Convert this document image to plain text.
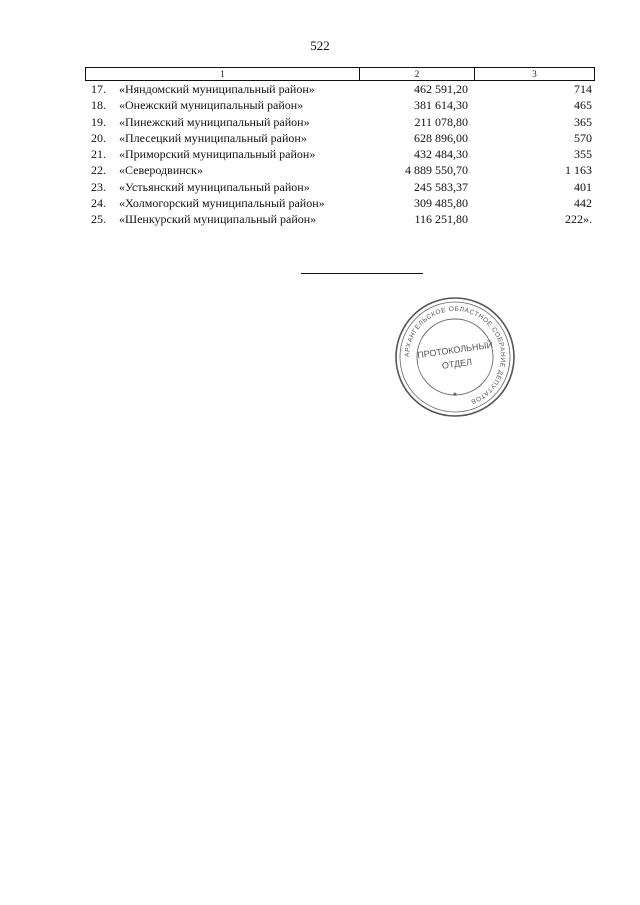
522
1	2	3
17.	«Няндомский муниципальный район»	462 591,20	714
18.	«Онежский муниципальный район»	381 614,30	465
19.	«Пинежский муниципальный район»	211 078,80	365
20.	«Плесецкий муниципальный район»	628 896,00	570
21.	«Приморский муниципальный район»	432 484,30	355
22.	«Северодвинск»	4 889 550,70	1 163
23.	«Устьянский муниципальный район»	245 583,37	401
24.	«Холмогорский муниципальный район»	309 485,80	442
25.	«Шенкурский муниципальный район»	116 251,80	222».
АРХАНГЕЛЬСКОЕ ОБЛАСТНОЕ СОБРАНИЕ ДЕПУТАТОВ
ПРОТОКОЛЬНЫЙ
ОТДЕЛ
★
